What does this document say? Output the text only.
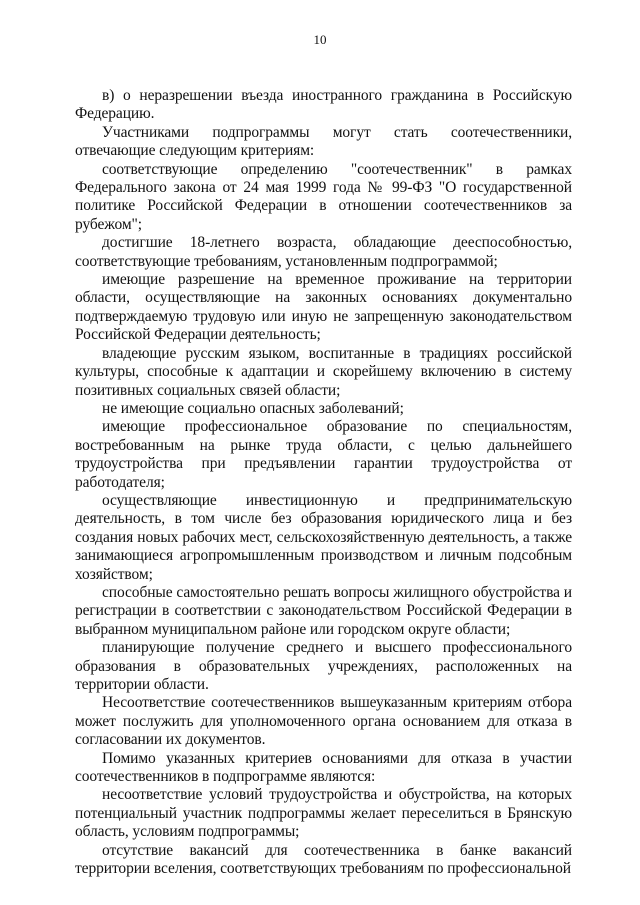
10

в) о неразрешении въезда иностранного гражданина в Российскую Федерацию.

Участниками подпрограммы могут стать соотечественники, отвечающие следующим критериям:

соответствующие определению "соотечественник" в рамках Федерального закона от 24 мая 1999 года № 99-ФЗ "О государственной политике Российской Федерации в отношении соотечественников за рубежом";

достигшие 18-летнего возраста, обладающие дееспособностью, соответствующие требованиям, установленным подпрограммой;

имеющие разрешение на временное проживание на территории области, осуществляющие на законных основаниях документально подтверждаемую трудовую или иную не запрещенную законодательством Российской Федерации деятельность;

владеющие русским языком, воспитанные в традициях российской культуры, способные к адаптации и скорейшему включению в систему позитивных социальных связей области;

не имеющие социально опасных заболеваний;

имеющие профессиональное образование по специальностям, востребованным на рынке труда области, с целью дальнейшего трудоустройства при предъявлении гарантии трудоустройства от работодателя;

осуществляющие инвестиционную и предпринимательскую деятельность, в том числе без образования юридического лица и без создания новых рабочих мест, сельскохозяйственную деятельность, а также занимающиеся агропромышленным производством и личным подсобным хозяйством;

способные самостоятельно решать вопросы жилищного обустройства и регистрации в соответствии с законодательством Российской Федерации в выбранном муниципальном районе или городском округе области;

планирующие получение среднего и высшего профессионального образования в образовательных учреждениях, расположенных на территории области.

Несоответствие соотечественников вышеуказанным критериям отбора может послужить для уполномоченного органа основанием для отказа в согласовании их документов.

Помимо указанных критериев основаниями для отказа в участии соотечественников в подпрограмме являются:

несоответствие условий трудоустройства и обустройства, на которых потенциальный участник подпрограммы желает переселиться в Брянскую область, условиям подпрограммы;

отсутствие вакансий для соотечественника в банке вакансий территории вселения, соответствующих требованиям по профессиональной
